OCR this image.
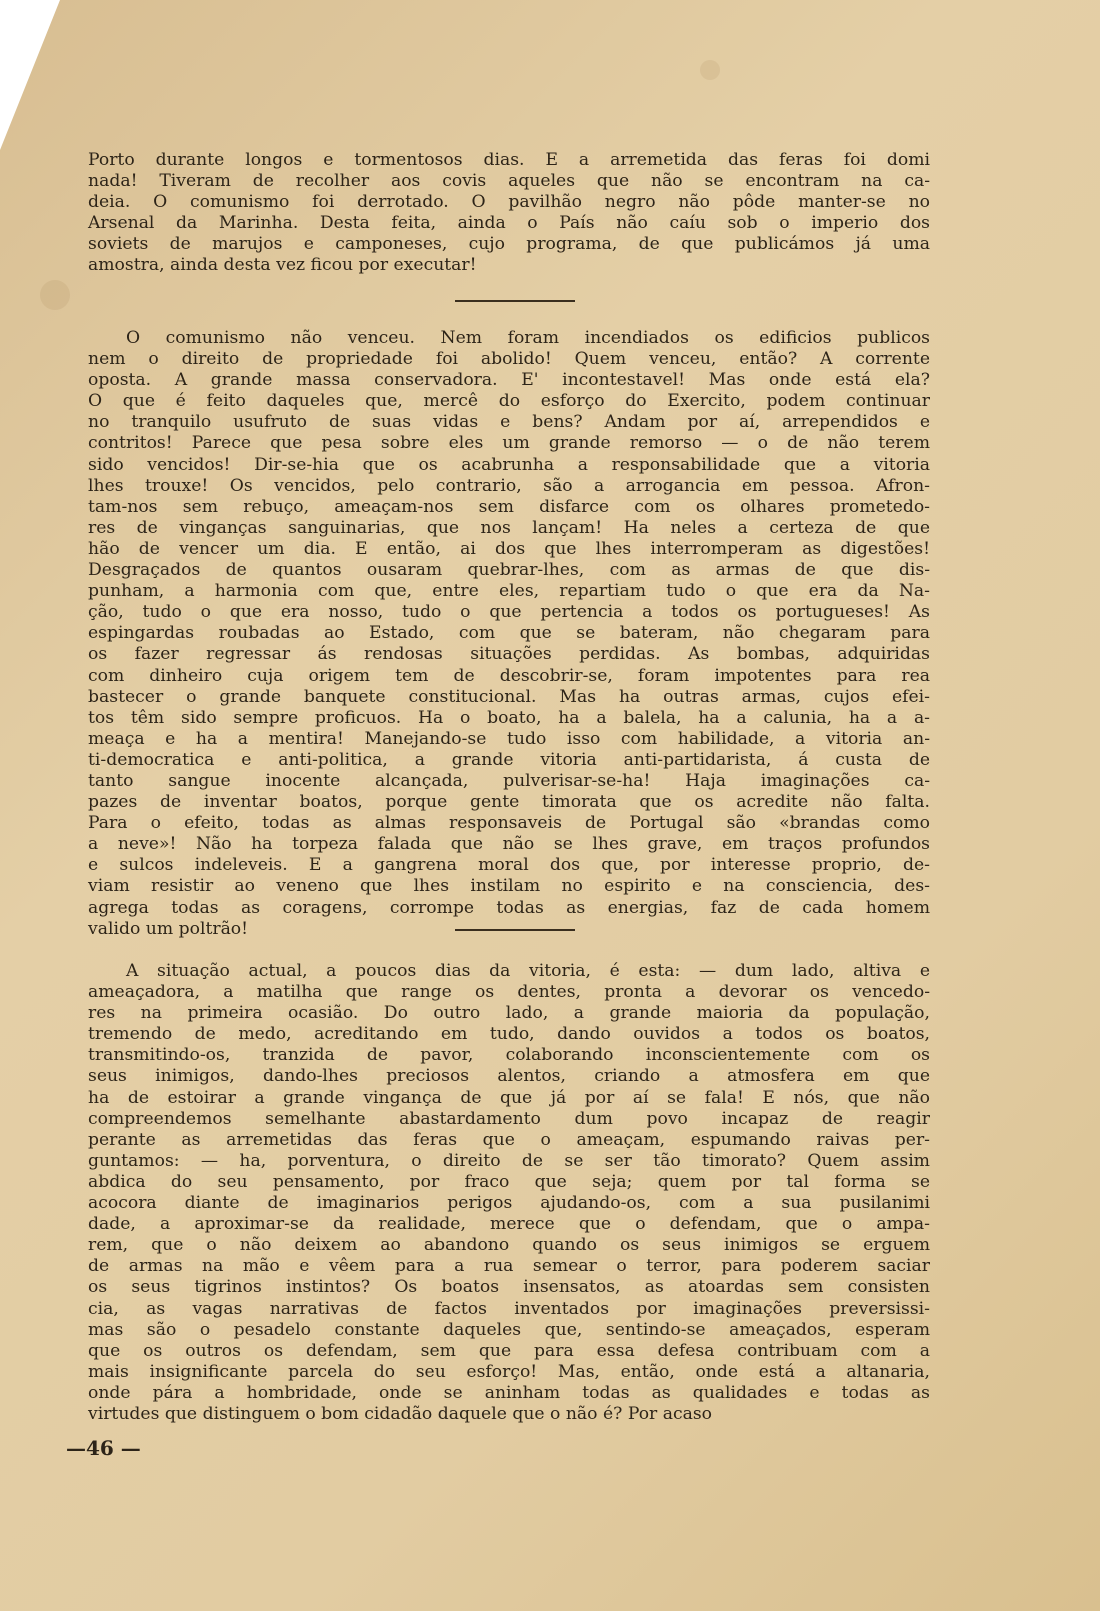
Porto durante longos e tormentosos dias. E a arremetida das feras foi domi
nada! Tiveram de recolher aos covis aqueles que não se encontram na ca-
deia. O comunismo foi derrotado. O pavilhão negro não pôde manter-se no
Arsenal da Marinha. Desta feita, ainda o País não caíu sob o imperio dos
soviets de marujos e camponeses, cujo programa, de que publicámos já uma
amostra, ainda desta vez ficou por executar!
O comunismo não venceu. Nem foram incendiados os edificios publicos
nem o direito de propriedade foi abolido! Quem venceu, então? A corrente
oposta. A grande massa conservadora. E' incontestavel! Mas onde está ela?
O que é feito daqueles que, mercê do esforço do Exercito, podem continuar
no tranquilo usufruto de suas vidas e bens? Andam por aí, arrependidos e
contritos! Parece que pesa sobre eles um grande remorso — o de não terem
sido vencidos! Dir-se-hia que os acabrunha a responsabilidade que a vitoria
lhes trouxe! Os vencidos, pelo contrario, são a arrogancia em pessoa. Afron-
tam-nos sem rebuço, ameaçam-nos sem disfarce com os olhares prometedo-
res de vinganças sanguinarias, que nos lançam! Ha neles a certeza de que
hão de vencer um dia. E então, ai dos que lhes interromperam as digestões!
Desgraçados de quantos ousaram quebrar-lhes, com as armas de que dis-
punham, a harmonia com que, entre eles, repartiam tudo o que era da Na-
ção, tudo o que era nosso, tudo o que pertencia a todos os portugueses! As
espingardas roubadas ao Estado, com que se bateram, não chegaram para
os fazer regressar ás rendosas situações perdidas. As bombas, adquiridas
com dinheiro cuja origem tem de descobrir-se, foram impotentes para rea
bastecer o grande banquete constitucional. Mas ha outras armas, cujos efei-
tos têm sido sempre proficuos. Ha o boato, ha a balela, ha a calunia, ha a a-
meaça e ha a mentira! Manejando-se tudo isso com habilidade, a vitoria an-
ti-democratica e anti-politica, a grande vitoria anti-partidarista, á custa de
tanto sangue inocente alcançada, pulverisar-se-ha! Haja imaginações ca-
pazes de inventar boatos, porque gente timorata que os acredite não falta.
Para o efeito, todas as almas responsaveis de Portugal são «brandas como
a neve»! Não ha torpeza falada que não se lhes grave, em traços profundos
e sulcos indeleveis. E a gangrena moral dos que, por interesse proprio, de-
viam resistir ao veneno que lhes instilam no espirito e na consciencia, des-
agrega todas as coragens, corrompe todas as energias, faz de cada homem
valido um poltrão!
A situação actual, a poucos dias da vitoria, é esta: — dum lado, altiva e
ameaçadora, a matilha que range os dentes, pronta a devorar os vencedo-
res na primeira ocasião. Do outro lado, a grande maioria da população,
tremendo de medo, acreditando em tudo, dando ouvidos a todos os boatos,
transmitindo-os, tranzida de pavor, colaborando inconscientemente com os
seus inimigos, dando-lhes preciosos alentos, criando a atmosfera em que
ha de estoirar a grande vingança de que já por aí se fala! E nós, que não
compreendemos semelhante abastardamento dum povo incapaz de reagir
perante as arremetidas das feras que o ameaçam, espumando raivas per-
guntamos: — ha, porventura, o direito de se ser tão timorato? Quem assim
abdica do seu pensamento, por fraco que seja; quem por tal forma se
acocora diante de imaginarios perigos ajudando-os, com a sua pusilanimi
dade, a aproximar-se da realidade, merece que o defendam, que o ampa-
rem, que o não deixem ao abandono quando os seus inimigos se erguem
de armas na mão e vêem para a rua semear o terror, para poderem saciar
os seus tigrinos instintos? Os boatos insensatos, as atoardas sem consisten
cia, as vagas narrativas de factos inventados por imaginações preversissi-
mas são o pesadelo constante daqueles que, sentindo-se ameaçados, esperam
que os outros os defendam, sem que para essa defesa contribuam com a
mais insignificante parcela do seu esforço! Mas, então, onde está a altanaria,
onde pára a hombridade, onde se aninham todas as qualidades e todas as
virtudes que distinguem o bom cidadão daquele que o não é? Por acaso
—46 —
